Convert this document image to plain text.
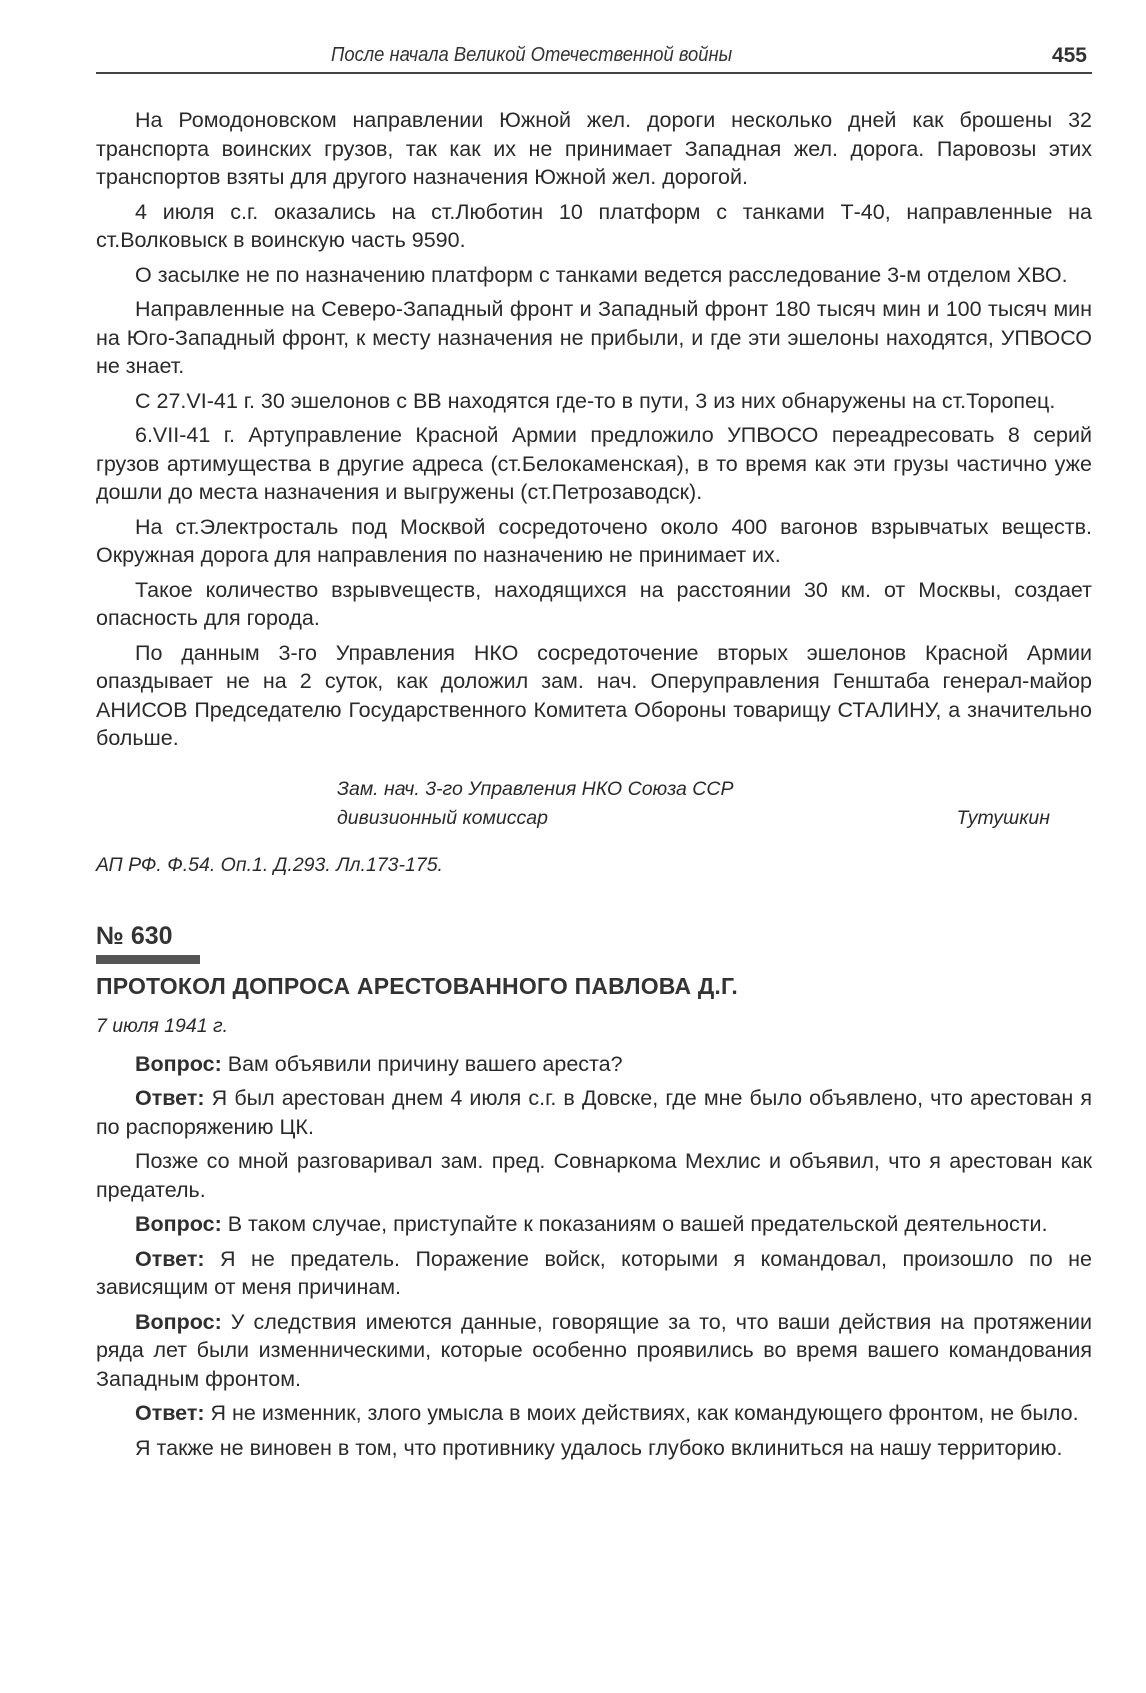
После начала Великой Отечественной войны	455

На Ромодоновском направлении Южной жел. дороги несколько дней как брошены 32 транспорта воинских грузов, так как их не принимает Западная жел. дорога. Паровозы этих транспортов взяты для другого назначения Южной жел. дорогой.

4 июля с.г. оказались на ст.Люботин 10 платформ с танками Т-40, направленные на ст.Волковыск в воинскую часть 9590.

О засылке не по назначению платформ с танками ведется расследование 3-м отделом ХВО.

Направленные на Северо-Западный фронт и Западный фронт 180 тысяч мин и 100 тысяч мин на Юго-Западный фронт, к месту назначения не прибыли, и где эти эшелоны находятся, УПВОСО не знает.

С 27.VI-41 г. 30 эшелонов с ВВ находятся где-то в пути, 3 из них обнаружены на ст.Торопец.

6.VII-41 г. Артуправление Красной Армии предложило УПВОСО переадресовать 8 серий грузов артимущества в другие адреса (ст.Белокаменская), в то время как эти грузы частично уже дошли до места назначения и выгружены (ст.Петрозаводск).

На ст.Электросталь под Москвой сосредоточено около 400 вагонов взрывчатых веществ. Окружная дорога для направления по назначению не принимает их.

Такое количество взрывveществ, находящихся на расстоянии 30 км. от Москвы, создает опасность для города.

По данным 3-го Управления НКО сосредоточение вторых эшелонов Красной Армии опаздывает не на 2 суток, как доложил зам. нач. Оперуправления Генштаба генерал-майор АНИСОВ Председателю Государственного Комитета Обороны товарищу СТАЛИНУ, а значительно больше.

Зам. нач. 3-го Управления НКО Союза ССР
дивизионный комиссар	Тутушкин
АП РФ. Ф.54. Оп.1. Д.293. Лл.173-175.
№ 630
ПРОТОКОЛ ДОПРОСА АРЕСТОВАННОГО ПАВЛОВА Д.Г.
7 июля 1941 г.

Вопрос: Вам объявили причину вашего ареста?

Ответ: Я был арестован днем 4 июля с.г. в Довске, где мне было объявлено, что арестован я по распоряжению ЦК.

Позже со мной разговаривал зам. пред. Совнаркома Мехлис и объявил, что я арестован как предатель.

Вопрос: В таком случае, приступайте к показаниям о вашей предательской деятельности.

Ответ: Я не предатель. Поражение войск, которыми я командовал, произошло по не зависящим от меня причинам.

Вопрос: У следствия имеются данные, говорящие за то, что ваши действия на протяжении ряда лет были изменническими, которые особенно проявились во время вашего командования Западным фронтом.

Ответ: Я не изменник, злого умысла в моих действиях, как командующего фронтом, не было.

Я также не виновен в том, что противнику удалось глубоко вклиниться на нашу территорию.
